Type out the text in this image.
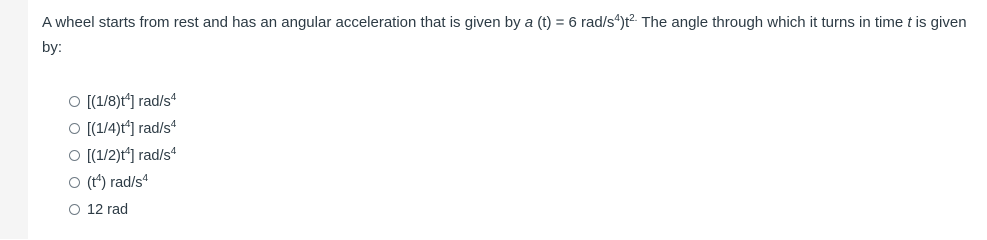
A wheel starts from rest and has an angular acceleration that is given by a (t) = 6 rad/$s^4)t^{2.}$ The angle through which it turns in time t is given by:
$[(1/8)t^4]$ rad/$s^4$
$[(1/4)t^4]$ rad/$s^4$
$[(1/2)t^4]$ rad/$s^4$
$(t^4)$ rad/$s^4$
12 rad
